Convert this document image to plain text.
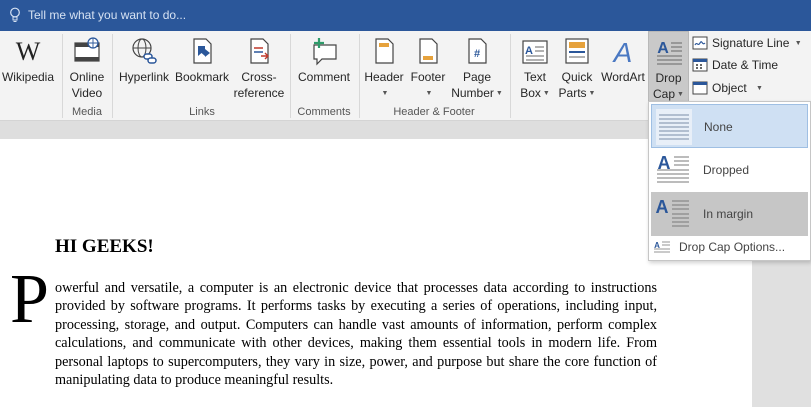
Tell me what you want to do...
W
Wikipedia	Online
Video
Media
Hyperlink Bookmark	Cross-
reference
Links
Comment
Comments
Header
▼
Footer
▼
#
Page
Number ▼
Header & Footer
A
Text
Box ▼
Quick
Parts ▼
A
WordArt
A
Drop
Cap ▼
Signature Line ▼
Date & Time
Object ▼
HI GEEKS!
P owerful and versatile, a computer is an electronic device that processes data according to instructions provided by software programs. It performs tasks by executing a series of operations, including input, processing, storage, and output. Computers can handle vast amounts of information, perform complex calculations, and communicate with other devices, making them essential tools in modern life. From personal laptops to supercomputers, they vary in size, power, and purpose but share the core function of manipulating data to produce meaningful results.
None
A	Dropped
A	In margin
A Drop Cap Options...
